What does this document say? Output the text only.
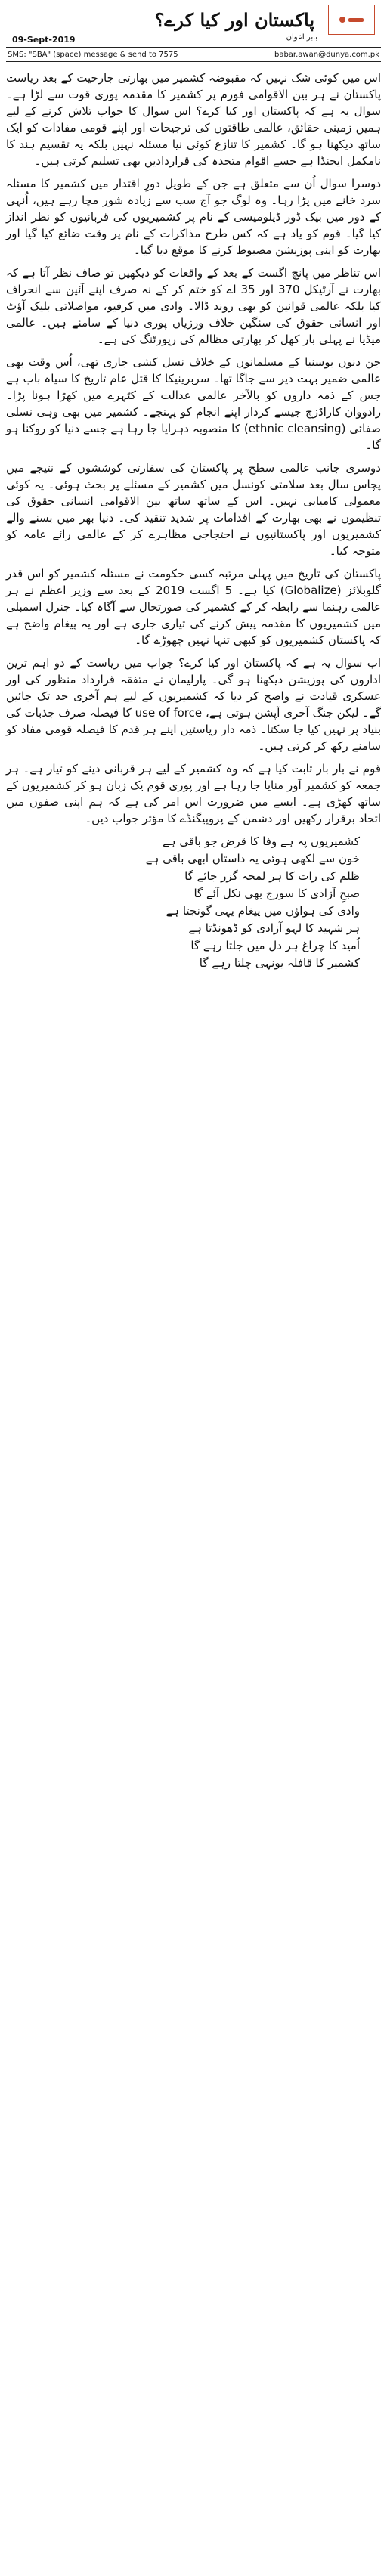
پاکستان اور کیا کرے؟
بابر اعوان
09-Sept-2019
SMS: "SBA" (space) message & send to 7575	babar.awan@dunya.com.pk

اس میں کوئی شک نہیں کہ مقبوضہ کشمیر میں بھارتی جارحیت کے بعد ریاست پاکستان نے ہر بین الاقوامی فورم پر کشمیر کا مقدمہ پوری قوت سے لڑا ہے۔ سوال یہ ہے کہ پاکستان اور کیا کرے؟ اس سوال کا جواب تلاش کرنے کے لیے ہمیں زمینی حقائق، عالمی طاقتوں کی ترجیحات اور اپنے قومی مفادات کو ایک ساتھ دیکھنا ہو گا۔ کشمیر کا تنازع کوئی نیا مسئلہ نہیں بلکہ یہ تقسیم ہند کا نامکمل ایجنڈا ہے جسے اقوام متحدہ کی قراردادیں بھی تسلیم کرتی ہیں۔

دوسرا سوال اُن سے متعلق ہے جن کے طویل دورِ اقتدار میں کشمیر کا مسئلہ سرد خانے میں پڑا رہا۔ وہ لوگ جو آج سب سے زیادہ شور مچا رہے ہیں، اُنہی کے دور میں بیک ڈور ڈپلومیسی کے نام پر کشمیریوں کی قربانیوں کو نظر انداز کیا گیا۔ قوم کو یاد ہے کہ کس طرح مذاکرات کے نام پر وقت ضائع کیا گیا اور بھارت کو اپنی پوزیشن مضبوط کرنے کا موقع دیا گیا۔

اس تناظر میں پانچ اگست کے بعد کے واقعات کو دیکھیں تو صاف نظر آتا ہے کہ بھارت نے آرٹیکل 370 اور 35 اے کو ختم کر کے نہ صرف اپنے آئین سے انحراف کیا بلکہ عالمی قوانین کو بھی روند ڈالا۔ وادی میں کرفیو، مواصلاتی بلیک آؤٹ اور انسانی حقوق کی سنگین خلاف ورزیاں پوری دنیا کے سامنے ہیں۔ عالمی میڈیا نے پہلی بار کھل کر بھارتی مظالم کی رپورٹنگ کی ہے۔

جن دنوں بوسنیا کے مسلمانوں کے خلاف نسل کشی جاری تھی، اُس وقت بھی عالمی ضمیر بہت دیر سے جاگا تھا۔ سربرینیکا کا قتل عام تاریخ کا سیاہ باب ہے جس کے ذمہ داروں کو بالآخر عالمی عدالت کے کٹہرے میں کھڑا ہونا پڑا۔ رادووان کاراڈزچ جیسے کردار اپنے انجام کو پہنچے۔ کشمیر میں بھی وہی نسلی صفائی (ethnic cleansing) کا منصوبہ دہرایا جا رہا ہے جسے دنیا کو روکنا ہو گا۔

دوسری جانب عالمی سطح پر پاکستان کی سفارتی کوششوں کے نتیجے میں پچاس سال بعد سلامتی کونسل میں کشمیر کے مسئلے پر بحث ہوئی۔ یہ کوئی معمولی کامیابی نہیں۔ اس کے ساتھ ساتھ بین الاقوامی انسانی حقوق کی تنظیموں نے بھی بھارت کے اقدامات پر شدید تنقید کی۔ دنیا بھر میں بسنے والے کشمیریوں اور پاکستانیوں نے احتجاجی مظاہرے کر کے عالمی رائے عامہ کو متوجہ کیا۔

پاکستان کی تاریخ میں پہلی مرتبہ کسی حکومت نے مسئلہ کشمیر کو اس قدر گلوبلائز (Globalize) کیا ہے۔ 5 اگست 2019 کے بعد سے وزیر اعظم نے ہر عالمی رہنما سے رابطہ کر کے کشمیر کی صورتحال سے آگاہ کیا۔ جنرل اسمبلی میں کشمیریوں کا مقدمہ پیش کرنے کی تیاری جاری ہے اور یہ پیغام واضح ہے کہ پاکستان کشمیریوں کو کبھی تنہا نہیں چھوڑے گا۔

اب سوال یہ ہے کہ پاکستان اور کیا کرے؟ جواب میں ریاست کے دو اہم ترین اداروں کی پوزیشن دیکھنا ہو گی۔ پارلیمان نے متفقہ قرارداد منظور کی اور عسکری قیادت نے واضح کر دیا کہ کشمیریوں کے لیے ہم آخری حد تک جائیں گے۔ لیکن جنگ آخری آپشن ہوتی ہے، use of force کا فیصلہ صرف جذبات کی بنیاد پر نہیں کیا جا سکتا۔ ذمہ دار ریاستیں اپنے ہر قدم کا فیصلہ قومی مفاد کو سامنے رکھ کر کرتی ہیں۔

قوم نے بار بار ثابت کیا ہے کہ وہ کشمیر کے لیے ہر قربانی دینے کو تیار ہے۔ ہر جمعہ کو کشمیر آور منایا جا رہا ہے اور پوری قوم یک زبان ہو کر کشمیریوں کے ساتھ کھڑی ہے۔ ایسے میں ضرورت اس امر کی ہے کہ ہم اپنی صفوں میں اتحاد برقرار رکھیں اور دشمن کے پروپیگنڈے کا مؤثر جواب دیں۔

کشمیریوں پہ ہے وفا کا قرض جو باقی ہے

خون سے لکھی ہوئی یہ داستاں ابھی باقی ہے

ظلم کی رات کا ہر لمحہ گزر جائے گا

صبحِ آزادی کا سورج بھی نکل آئے گا

وادی کی ہواؤں میں پیغام یہی گونجتا ہے

ہر شہید کا لہو آزادی کو ڈھونڈتا ہے

اُمید کا چراغ ہر دل میں جلتا رہے گا

کشمیر کا قافلہ یونہی چلتا رہے گا
